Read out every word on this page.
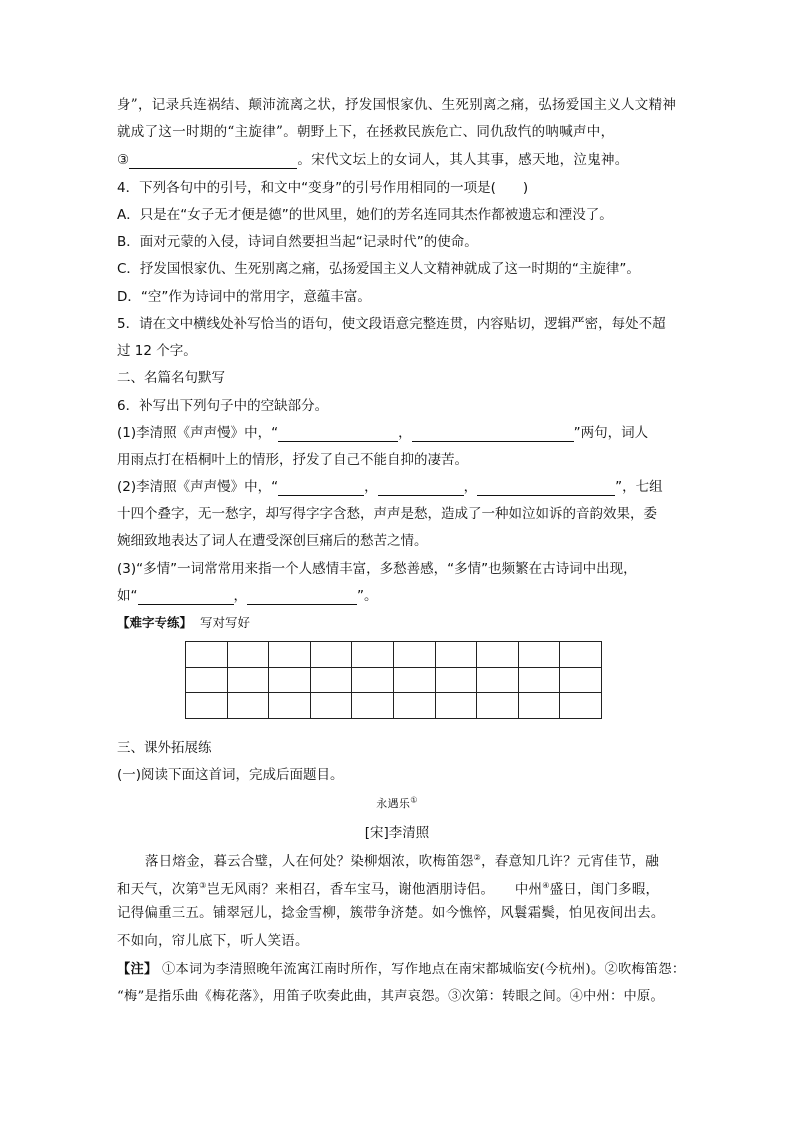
身”，记录兵连祸结、颠沛流离之状，抒发国恨家仇、生死别离之痛，弘扬爱国主义人文精神
就成了这一时期的“主旋律”。朝野上下，在拯救民族危亡、同仇敌忾的呐喊声中，
③	。宋代文坛上的女词人，其人其事，感天地，泣鬼神。
4．下列各句中的引号，和文中“变身”的引号作用相同的一项是(　　)
A．只是在“女子无才便是德”的世风里，她们的芳名连同其杰作都被遗忘和湮没了。
B．面对元蒙的入侵，诗词自然要担当起“记录时代”的使命。
C．抒发国恨家仇、生死别离之痛，弘扬爱国主义人文精神就成了这一时期的“主旋律”。
D．“空”作为诗词中的常用字，意蕴丰富。
5．请在文中横线处补写恰当的语句，使文段语意完整连贯，内容贴切，逻辑严密，每处不超
过 12 个字。
二、名篇名句默写
6．补写出下列句子中的空缺部分。
(1)李清照《声声慢》中，“	，	”两句，词人
用雨点打在梧桐叶上的情形，抒发了自己不能自抑的凄苦。
(2)李清照《声声慢》中，“	，	，	”，七组
十四个叠字，无一愁字，却写得字字含愁，声声是愁，造成了一种如泣如诉的音韵效果，委
婉细致地表达了词人在遭受深创巨痛后的愁苦之情。
(3)“多情”一词常常用来指一个人感情丰富，多愁善感，“多情”也频繁在古诗词中出现，
如“	，	”。
【难字专练】 写对写好

三、课外拓展练
(一)阅读下面这首词，完成后面题目。
永遇乐①
[宋]李清照
落日熔金，暮云合璧，人在何处？染柳烟浓，吹梅笛怨②，春意知几许？元宵佳节，融
和天气，次第③岂无风雨？来相召，香车宝马，谢他酒朋诗侣。　　中州④盛日，闺门多暇，
记得偏重三五。铺翠冠儿，捻金雪柳，簇带争济楚。如今憔悴，风鬟霜鬓，怕见夜间出去。
不如向，帘儿底下，听人笑语。
【注】 ①本词为李清照晚年流寓江南时所作，写作地点在南宋都城临安(今杭州)。②吹梅笛怨：
“梅”是指乐曲《梅花落》，用笛子吹奏此曲，其声哀怨。③次第：转眼之间。④中州：中原。
